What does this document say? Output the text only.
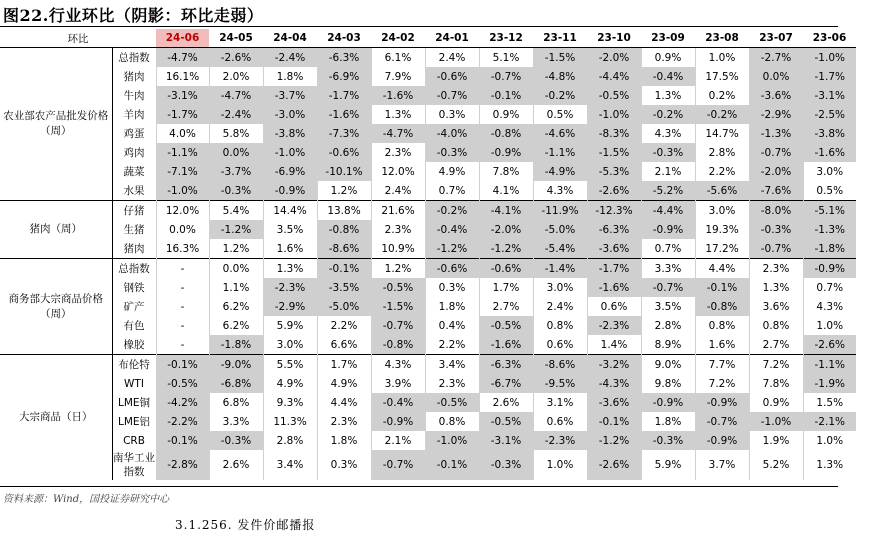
图22.行业环比（阴影：环比走弱）
环比		24-06	24-05	24-04	24-03	24-02	24-01	23-12	23-11	23-10	23-09	23-08	23-07	23-06
农业部农产品批发价格（周）	总指数	-4.7%	-2.6%	-2.4%	-6.3%	6.1%	2.4%	5.1%	-1.5%	-2.0%	0.9%	1.0%	-2.7%	-1.0%
	猪肉	16.1%	2.0%	1.8%	-6.9%	7.9%	-0.6%	-0.7%	-4.8%	-4.4%	-0.4%	17.5%	0.0%	-1.7%
	牛肉	-3.1%	-4.7%	-3.7%	-1.7%	-1.6%	-0.7%	-0.1%	-0.2%	-0.5%	1.3%	0.2%	-3.6%	-3.1%
	羊肉	-1.7%	-2.4%	-3.0%	-1.6%	1.3%	0.3%	0.9%	0.5%	-1.0%	-0.2%	-0.2%	-2.9%	-2.5%
	鸡蛋	4.0%	5.8%	-3.8%	-7.3%	-4.7%	-4.0%	-0.8%	-4.6%	-8.3%	4.3%	14.7%	-1.3%	-3.8%
	鸡肉	-1.1%	0.0%	-1.0%	-0.6%	2.3%	-0.3%	-0.9%	-1.1%	-1.5%	-0.3%	2.8%	-0.7%	-1.6%
	蔬菜	-7.1%	-3.7%	-6.9%	-10.1%	12.0%	4.9%	7.8%	-4.9%	-5.3%	2.1%	2.2%	-2.0%	3.0%
	水果	-1.0%	-0.3%	-0.9%	1.2%	2.4%	0.7%	4.1%	4.3%	-2.6%	-5.2%	-5.6%	-7.6%	0.5%
猪肉（周）	仔猪	12.0%	5.4%	14.4%	13.8%	21.6%	-0.2%	-4.1%	-11.9%	-12.3%	-4.4%	3.0%	-8.0%	-5.1%
	生猪	0.0%	-1.2%	3.5%	-0.8%	2.3%	-0.4%	-2.0%	-5.0%	-6.3%	-0.9%	19.3%	-0.3%	-1.3%
	猪肉	16.3%	1.2%	1.6%	-8.6%	10.9%	-1.2%	-1.2%	-5.4%	-3.6%	0.7%	17.2%	-0.7%	-1.8%
商务部大宗商品价格（周）	总指数	-	0.0%	1.3%	-0.1%	1.2%	-0.6%	-0.6%	-1.4%	-1.7%	3.3%	4.4%	2.3%	-0.9%
	钢铁	-	1.1%	-2.3%	-3.5%	-0.5%	0.3%	1.7%	3.0%	-1.6%	-0.7%	-0.1%	1.3%	0.7%
	矿产	-	6.2%	-2.9%	-5.0%	-1.5%	1.8%	2.7%	2.4%	0.6%	3.5%	-0.8%	3.6%	4.3%
	有色	-	6.2%	5.9%	2.2%	-0.7%	0.4%	-0.5%	0.8%	-2.3%	2.8%	0.8%	0.8%	1.0%
	橡胶	-	-1.8%	3.0%	6.6%	-0.8%	2.2%	-1.6%	0.6%	1.4%	8.9%	1.6%	2.7%	-2.6%
大宗商品（日）	布伦特	-0.1%	-9.0%	5.5%	1.7%	4.3%	3.4%	-6.3%	-8.6%	-3.2%	9.0%	7.7%	7.2%	-1.1%
	WTI	-0.5%	-6.8%	4.9%	4.9%	3.9%	2.3%	-6.7%	-9.5%	-4.3%	9.8%	7.2%	7.8%	-1.9%
	LME铜	-4.2%	6.8%	9.3%	4.4%	-0.4%	-0.5%	2.6%	3.1%	-3.6%	-0.9%	-0.9%	0.9%	1.5%
	LME铝	-2.2%	3.3%	11.3%	2.3%	-0.9%	0.8%	-0.5%	0.6%	-0.1%	1.8%	-0.7%	-1.0%	-2.1%
	CRB	-0.1%	-0.3%	2.8%	1.8%	2.1%	-1.0%	-3.1%	-2.3%	-1.2%	-0.3%	-0.9%	1.9%	1.0%
	南华工业指数	-2.8%	2.6%	3.4%	0.3%	-0.7%	-0.1%	-0.3%	1.0%	-2.6%	5.9%	3.7%	5.2%	1.3%
资料来源：Wind，国投证券研究中心
3.1.256. 发件价邮播报
